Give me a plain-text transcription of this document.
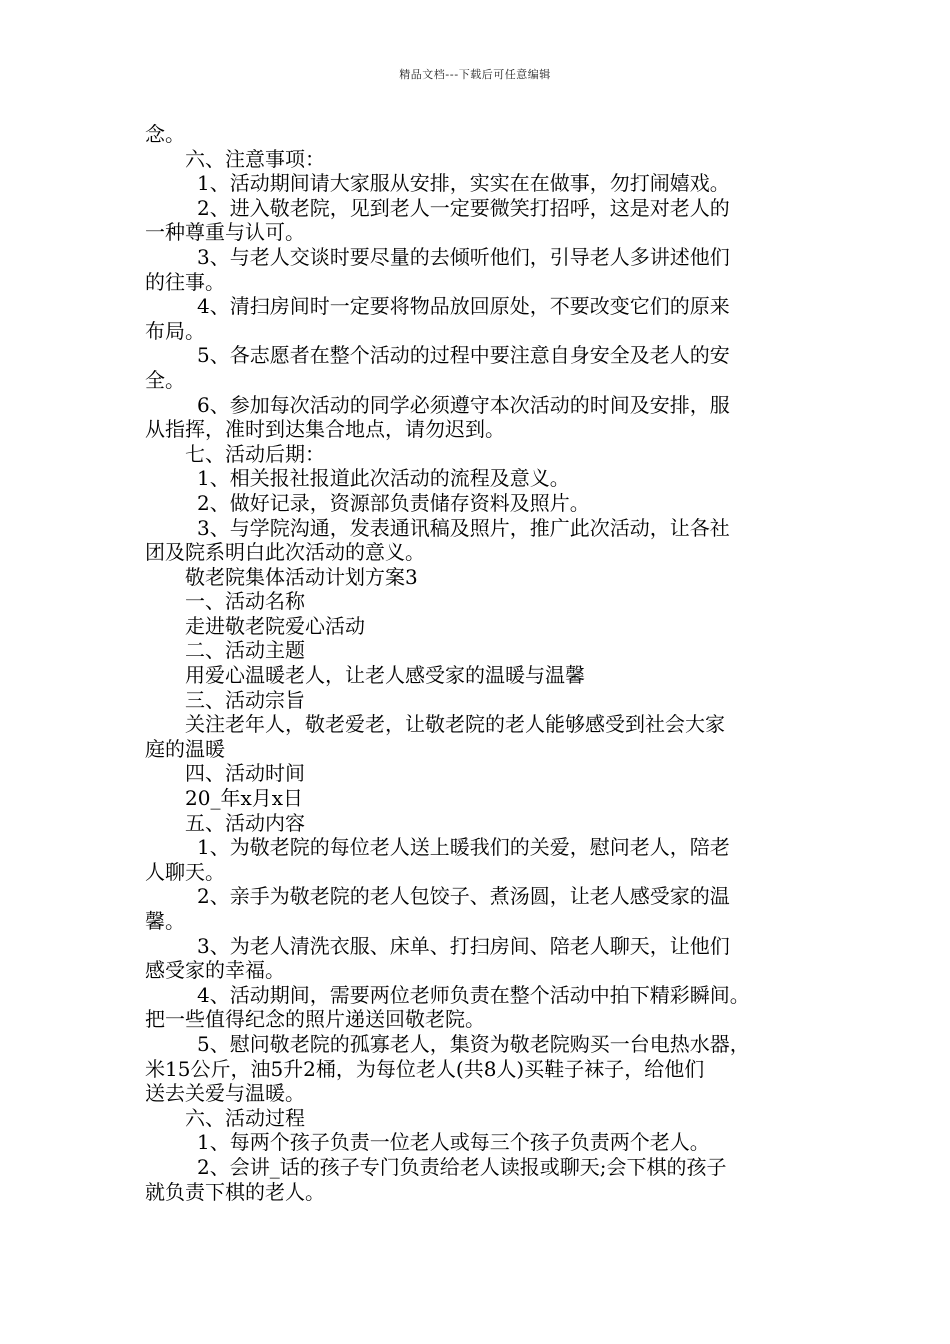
精品文档---下载后可任意编辑
念。
六、注意事项：
1、活动期间请大家服从安排，实实在在做事，勿打闹嬉戏。
2、进入敬老院，见到老人一定要微笑打招呼，这是对老人的
一种尊重与认可。
3、与老人交谈时要尽量的去倾听他们，引导老人多讲述他们
的往事。
4、清扫房间时一定要将物品放回原处，不要改变它们的原来
布局。
5、各志愿者在整个活动的过程中要注意自身安全及老人的安
全。
6、参加每次活动的同学必须遵守本次活动的时间及安排，服
从指挥，准时到达集合地点，请勿迟到。
七、活动后期：
1、相关报社报道此次活动的流程及意义。
2、做好记录，资源部负责储存资料及照片。
3、与学院沟通，发表通讯稿及照片，推广此次活动，让各社
团及院系明白此次活动的意义。
敬老院集体活动计划方案3
一、活动名称
走进敬老院爱心活动
二、活动主题
用爱心温暖老人，让老人感受家的温暖与温馨
三、活动宗旨
关注老年人，敬老爱老，让敬老院的老人能够感受到社会大家
庭的温暖
四、活动时间
20_年x月x日
五、活动内容
1、为敬老院的每位老人送上暖我们的关爱，慰问老人，陪老
人聊天。
2、亲手为敬老院的老人包饺子、煮汤圆，让老人感受家的温
馨。
3、为老人清洗衣服、床单、打扫房间、陪老人聊天，让他们
感受家的幸福。
4、活动期间，需要两位老师负责在整个活动中拍下精彩瞬间。
把一些值得纪念的照片递送回敬老院。
5、慰问敬老院的孤寡老人，集资为敬老院购买一台电热水器，
米15公斤，油5升2桶，为每位老人(共8人)买鞋子袜子，给他们
送去关爱与温暖。
六、活动过程
1、每两个孩子负责一位老人或每三个孩子负责两个老人。
2、会讲_话的孩子专门负责给老人读报或聊天;会下棋的孩子
就负责下棋的老人。
